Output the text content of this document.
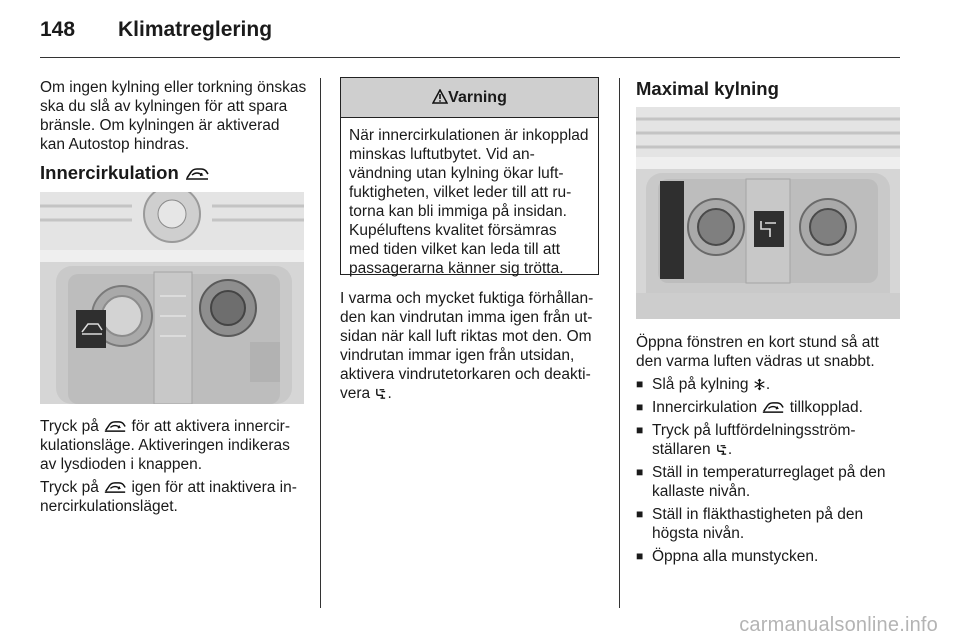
148 Klimatreglering

Om ingen kylning eller torkning önskas ska du slå av kylningen för att spara bränsle. Om kylningen är aktiverad kan Autostop hindras.

Innercirkulation
Tryck på för att aktivera innercirkulationsläge. Aktiveringen indikeras av lysdioden i knappen.
Tryck på igen för att inaktivera innercirkulationsläget.
Varning
När innercirkulationen är inkopplad minskas luftutbytet. Vid användning utan kylning ökar luftfuktigheten, vilket leder till att rutorna kan bli immiga på insidan. Kupéluftens kvalitet försämras med tiden vilket kan leda till att passagerarna känner sig trötta.
I varma och mycket fuktiga förhållanden kan vindrutan imma igen från utsidan när kall luft riktas mot den. Om vindrutan immar igen från utsidan, aktivera vindrutetorkaren och deaktivera .
Maximal kylning

Öppna fönstren en kort stund så att den varma luften vädras ut snabbt.

■ Slå på kylning .
■ Innercirkulation tillkopplad.
■ Tryck på luftfördelningsströmställaren .
■ Ställ in temperaturreglaget på den kallaste nivån.
■ Ställ in fläkthastigheten på den högsta nivån.
■ Öppna alla munstycken.
carmanualsonline.info
